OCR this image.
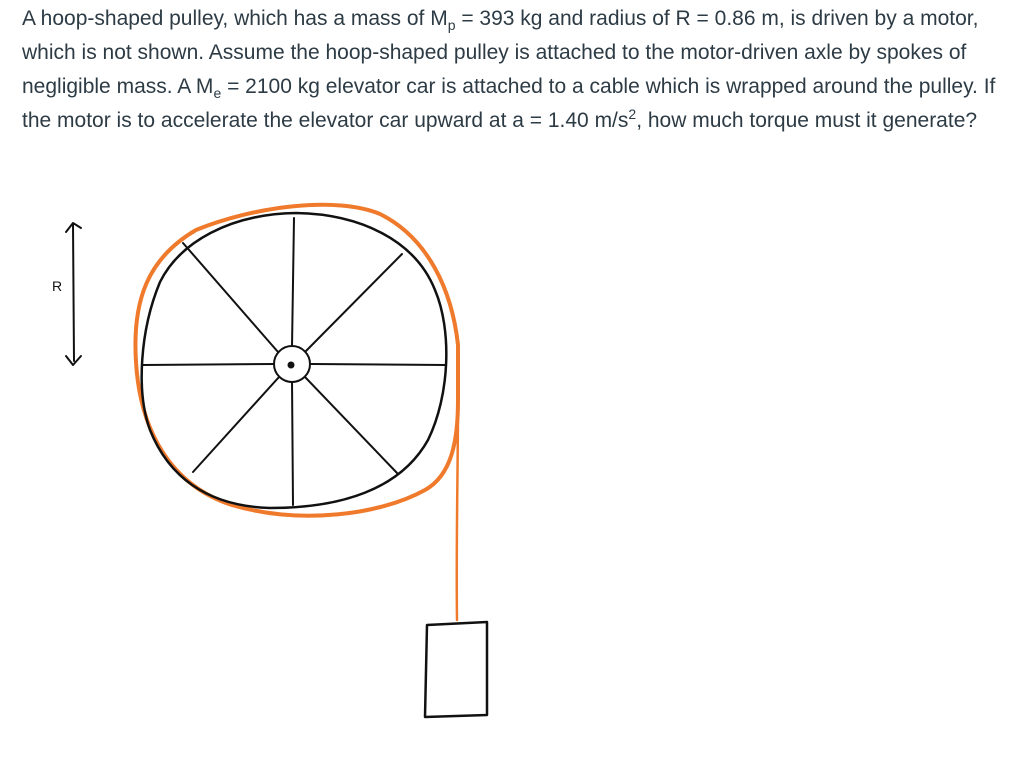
A hoop-shaped pulley, which has a mass of $M_p = 393$ kg and radius of R = 0.86 m, is driven by a motor, which is not shown. Assume the hoop-shaped pulley is attached to the motor-driven axle by spokes of negligible mass. A $M_e = 2100$ kg elevator car is attached to a cable which is wrapped around the pulley. If the motor is to accelerate the elevator car upward at a = 1.40 $m/s^2$, how much torque must it generate?

R
